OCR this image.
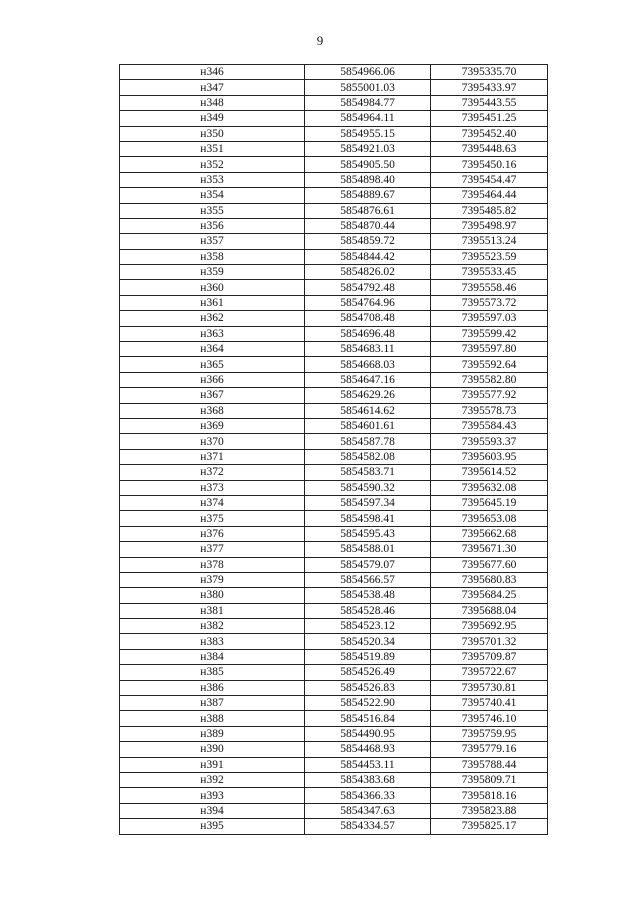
9
н346	5854966.06	7395335.70
н347	5855001.03	7395433.97
н348	5854984.77	7395443.55
н349	5854964.11	7395451.25
н350	5854955.15	7395452.40
н351	5854921.03	7395448.63
н352	5854905.50	7395450.16
н353	5854898.40	7395454.47
н354	5854889.67	7395464.44
н355	5854876.61	7395485.82
н356	5854870.44	7395498.97
н357	5854859.72	7395513.24
н358	5854844.42	7395523.59
н359	5854826.02	7395533.45
н360	5854792.48	7395558.46
н361	5854764.96	7395573.72
н362	5854708.48	7395597.03
н363	5854696.48	7395599.42
н364	5854683.11	7395597.80
н365	5854668.03	7395592.64
н366	5854647.16	7395582.80
н367	5854629.26	7395577.92
н368	5854614.62	7395578.73
н369	5854601.61	7395584.43
н370	5854587.78	7395593.37
н371	5854582.08	7395603.95
н372	5854583.71	7395614.52
н373	5854590.32	7395632.08
н374	5854597.34	7395645.19
н375	5854598.41	7395653.08
н376	5854595.43	7395662.68
н377	5854588.01	7395671.30
н378	5854579.07	7395677.60
н379	5854566.57	7395680.83
н380	5854538.48	7395684.25
н381	5854528.46	7395688.04
н382	5854523.12	7395692.95
н383	5854520.34	7395701.32
н384	5854519.89	7395709.87
н385	5854526.49	7395722.67
н386	5854526.83	7395730.81
н387	5854522.90	7395740.41
н388	5854516.84	7395746.10
н389	5854490.95	7395759.95
н390	5854468.93	7395779.16
н391	5854453.11	7395788.44
н392	5854383.68	7395809.71
н393	5854366.33	7395818.16
н394	5854347.63	7395823.88
н395	5854334.57	7395825.17
